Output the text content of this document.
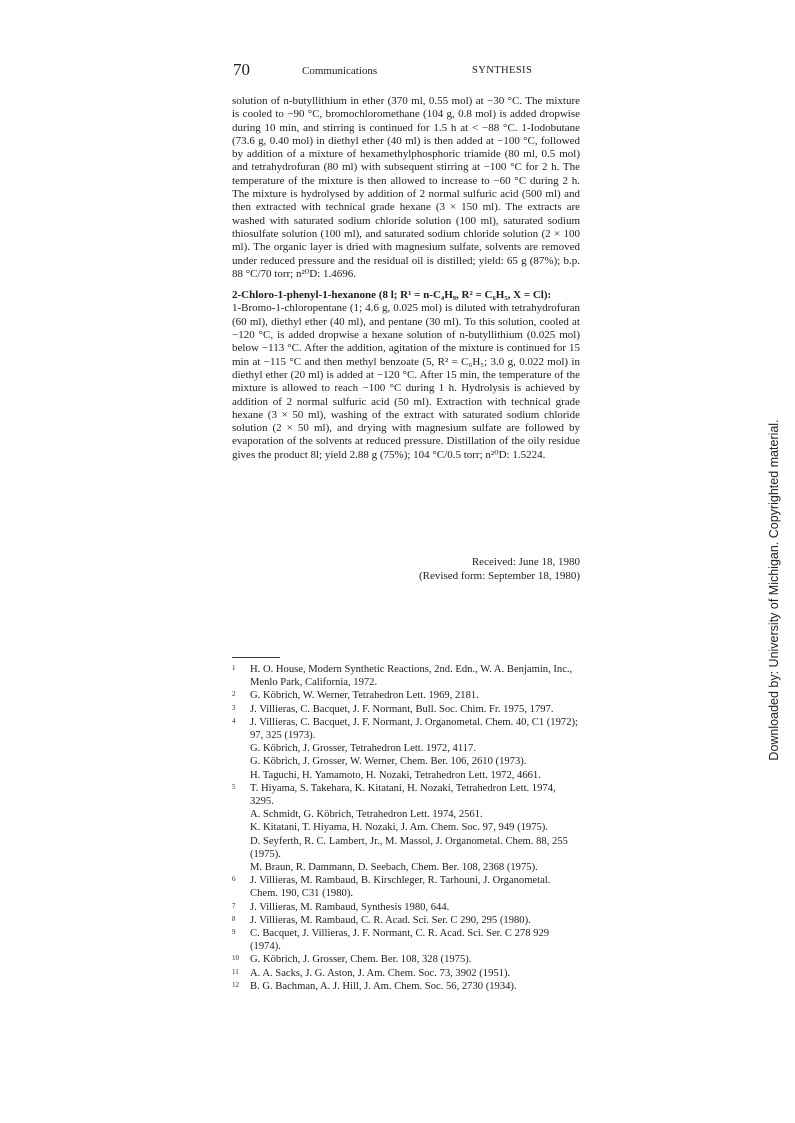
70	Communications	SYNTHESIS

solution of n-butyllithium in ether (370 ml, 0.55 mol) at −30 °C. The mixture is cooled to −90 °C, bromochloromethane (104 g, 0.8 mol) is added dropwise during 10 min, and stirring is continued for 1.5 h at < −88 °C. 1-Iodobutane (73.6 g, 0.40 mol) in diethyl ether (40 ml) is then added at −100 °C, followed by addition of a mixture of hexamethylphosphoric triamide (80 ml, 0.5 mol) and tetrahydrofuran (80 ml) with subsequent stirring at −100 °C for 2 h. The temperature of the mixture is then allowed to increase to −60 °C during 2 h. The mixture is hydrolysed by addition of 2 normal sulfuric acid (500 ml) and then extracted with technical grade hexane (3 × 150 ml). The extracts are washed with saturated sodium chloride solution (100 ml), saturated sodium thiosulfate solution (100 ml), and saturated sodium chloride solution (2 × 100 ml). The organic layer is dried with magnesium sulfate, solvents are removed under reduced pressure and the residual oil is distilled; yield: 65 g (87%); b.p. 88 °C/70 torr; n²⁰D: 1.4696.

2-Chloro-1-phenyl-1-hexanone (8 l; R¹ = n-C₄H₉, R² = C₆H₅, X = Cl):
1-Bromo-1-chloropentane (1; 4.6 g, 0.025 mol) is diluted with tetrahydrofuran (60 ml), diethyl ether (40 ml), and pentane (30 ml). To this solution, cooled at −120 °C, is added dropwise a hexane solution of n-butyllithium (0.025 mol) below −113 °C. After the addition, agitation of the mixture is continued for 15 min at −115 °C and then methyl benzoate (5, R² = C₆H₅; 3.0 g, 0.022 mol) in diethyl ether (20 ml) is added at −120 °C. After 15 min, the temperature of the mixture is allowed to reach −100 °C during 1 h. Hydrolysis is achieved by addition of 2 normal sulfuric acid (50 ml). Extraction with technical grade hexane (3 × 50 ml), washing of the extract with saturated sodium chloride solution (2 × 50 ml), and drying with magnesium sulfate are followed by evaporation of the solvents at reduced pressure. Distillation of the oily residue gives the product 8l; yield 2.88 g (75%); 104 °C/0.5 torr; n²⁰D: 1.5224.

Received: June 18, 1980
(Revised form: September 18, 1980)
1 H. O. House, Modern Synthetic Reactions, 2nd. Edn., W. A. Benjamin, Inc., Menlo Park, California, 1972.
2 G. Köbrich, W. Werner, Tetrahedron Lett. 1969, 2181.
3 J. Villieras, C. Bacquet, J. F. Normant, Bull. Soc. Chim. Fr. 1975, 1797.
4 J. Villieras, C. Bacquet, J. F. Normant, J. Organometal. Chem. 40, C1 (1972); 97, 325 (1973).
G. Köbrich, J. Grosser, Tetrahedron Lett. 1972, 4117.
G. Köbrich, J. Grosser, W. Werner, Chem. Ber. 106, 2610 (1973).
H. Taguchi, H. Yamamoto, H. Nozaki, Tetrahedron Lett. 1972, 4661.
5 T. Hiyama, S. Takehara, K. Kitatani, H. Nozaki, Tetrahedron Lett. 1974, 3295.
A. Schmidt, G. Köbrich, Tetrahedron Lett. 1974, 2561.
K. Kitatani, T. Hiyama, H. Nozaki, J. Am. Chem. Soc. 97, 949 (1975).
D. Seyferth, R. C. Lambert, Jr., M. Massol, J. Organometal. Chem. 88, 255 (1975).
M. Braun, R. Dammann, D. Seebach, Chem. Ber. 108, 2368 (1975).
6 J. Villieras, M. Rambaud, B. Kirschleger, R. Tarhouni, J. Organometal. Chem. 190, C31 (1980).
7 J. Villieras, M. Rambaud, Synthesis 1980, 644.
8 J. Villieras, M. Rambaud, C. R. Acad. Sci. Ser. C 290, 295 (1980).
9 C. Bacquet, J. Villieras, J. F. Normant, C. R. Acad. Sci. Ser. C 278 929 (1974).
10 G. Köbrich, J. Grosser, Chem. Ber. 108, 328 (1975).
11 A. A. Sacks, J. G. Aston, J. Am. Chem. Soc. 73, 3902 (1951).
12 B. G. Bachman, A. J. Hill, J. Am. Chem. Soc. 56, 2730 (1934).
Downloaded by: University of Michigan. Copyrighted material.
